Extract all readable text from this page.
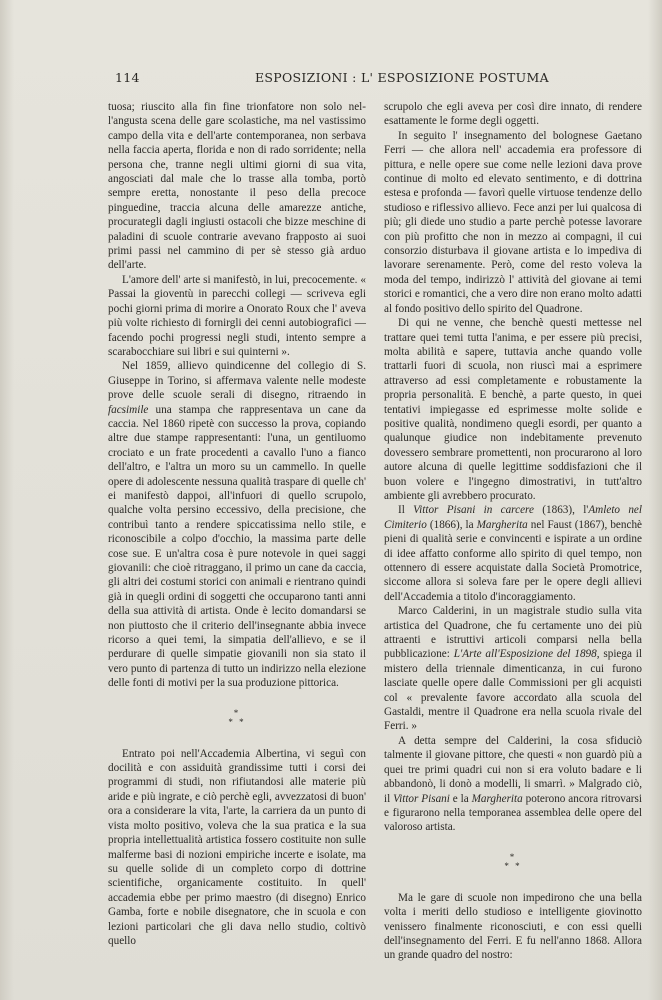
114	ESPOSIZIONI : L' ESPOSIZIONE POSTUMA

tuosa; riuscito alla fin fine trionfatore non solo nell'angusta scena delle gare scolastiche, ma nel vastissimo campo della vita e dell'arte contemporanea, non serbava nella faccia aperta, florida e non di rado sorridente; nella persona che, tranne negli ultimi giorni di sua vita, angosciati dal male che lo trasse alla tomba, portò sempre eretta, nonostante il peso della precoce pinguedine, traccia alcuna delle amarezze antiche, procurategli dagli ingiusti ostacoli che bizze meschine di paladini di scuole contrarie avevano frapposto ai suoi primi passi nel cammino di per sè stesso già arduo dell'arte.

L'amore dell' arte si manifestò, in lui, precocemente. « Passai la gioventù in parecchi collegi — scriveva egli pochi giorni prima di morire a Onorato Roux che l' aveva più volte richiesto di fornirgli dei cenni autobiografici — facendo pochi progressi negli studi, intento sempre a scarabocchiare sui libri e sui quinterni ».

Nel 1859, allievo quindicenne del collegio di S. Giuseppe in Torino, si affermava valente nelle modeste prove delle scuole serali di disegno, ritraendo in facsimile una stampa che rappresentava un cane da caccia. Nel 1860 ripetè con successo la prova, copiando altre due stampe rappresentanti: l'una, un gentiluomo crociato e un frate procedenti a cavallo l'uno a fianco dell'altro, e l'altra un moro su un cammello. In quelle opere di adolescente nessuna qualità traspare di quelle ch' ei manifestò dappoi, all'infuori di quello scrupolo, qualche volta persino eccessivo, della precisione, che contribuì tanto a rendere spiccatissima nello stile, e riconoscibile a colpo d'occhio, la massima parte delle cose sue. E un'altra cosa è pure notevole in quei saggi giovanili: che cioè ritraggano, il primo un cane da caccia, gli altri dei costumi storici con animali e rientrano quindi già in quegli ordini di soggetti che occuparono tanti anni della sua attività di artista. Onde è lecito domandarsi se non piuttosto che il criterio dell'insegnante abbia invece ricorso a quei temi, la simpatia dell'allievo, e se il perdurare di quelle simpatie giovanili non sia stato il vero punto di partenza di tutto un indirizzo nella elezione delle fonti di motivi per la sua produzione pittorica.

*
* *

Entrato poi nell'Accademia Albertina, vi seguì con docilità e con assiduità grandissime tutti i corsi dei programmi di studi, non rifiutandosi alle materie più aride e più ingrate, e ciò perchè egli, avvezzatosi di buon' ora a considerare la vita, l'arte, la carriera da un punto di vista molto positivo, voleva che la sua pratica e la sua propria intellettualità artistica fossero costituite non sulle malferme basi di nozioni empiriche incerte e isolate, ma su quelle solide di un completo corpo di dottrine scientifiche, organicamente costituito. In quell' accademia ebbe per primo maestro (di disegno) Enrico Gamba, forte e nobile disegnatore, che in scuola e con lezioni particolari che gli dava nello studio, coltivò quello

scrupolo che egli aveva per così dire innato, di rendere esattamente le forme degli oggetti.

In seguito l' insegnamento del bolognese Gaetano Ferri — che allora nell' accademia era professore di pittura, e nelle opere sue come nelle lezioni dava prove continue di molto ed elevato sentimento, e di dottrina estesa e profonda — favorì quelle virtuose tendenze dello studioso e riflessivo allievo. Fece anzi per lui qualcosa di più; gli diede uno studio a parte perchè potesse lavorare con più profitto che non in mezzo ai compagni, il cui consorzio disturbava il giovane artista e lo impediva di lavorare serenamente. Però, come del resto voleva la moda del tempo, indirizzò l' attività del giovane ai temi storici e romantici, che a vero dire non erano molto adatti al fondo positivo dello spirito del Quadrone.

Di qui ne venne, che benchè questi mettesse nel trattare quei temi tutta l'anima, e per essere più precisi, molta abilità e sapere, tuttavia anche quando volle trattarli fuori di scuola, non riuscì mai a esprimere attraverso ad essi completamente e robustamente la propria personalità. E benchè, a parte questo, in quei tentativi impiegasse ed esprimesse molte solide e positive qualità, nondimeno quegli esordi, per quanto a qualunque giudice non indebitamente prevenuto dovessero sembrare promettenti, non procurarono al loro autore alcuna di quelle legittime soddisfazioni che il buon volere e l'ingegno dimostrativi, in tutt'altro ambiente gli avrebbero procurato.

Il Vittor Pisani in carcere (1863), l'Amleto nel Cimiterio (1866), la Margherita nel Faust (1867), benchè pieni di qualità serie e convincenti e ispirate a un ordine di idee affatto conforme allo spirito di quel tempo, non ottennero di essere acquistate dalla Società Promotrice, siccome allora si soleva fare per le opere degli allievi dell'Accademia a titolo d'incoraggiamento.

Marco Calderini, in un magistrale studio sulla vita artistica del Quadrone, che fu certamente uno dei più attraenti e istruttivi articoli comparsi nella bella pubblicazione: L'Arte all'Esposizione del 1898, spiega il mistero della triennale dimenticanza, in cui furono lasciate quelle opere dalle Commissioni per gli acquisti col « prevalente favore accordato alla scuola del Gastaldi, mentre il Quadrone era nella scuola rivale del Ferri. »

A detta sempre del Calderini, la cosa sfiduciò talmente il giovane pittore, che questi « non guardò più a quei tre primi quadri cui non si era voluto badare e li abbandonò, li donò a modelli, li smarrì. » Malgrado ciò, il Vittor Pisani e la Margherita poterono ancora ritrovarsi e figurarono nella temporanea assemblea delle opere del valoroso artista.

*
* *

Ma le gare di scuole non impedirono che una bella volta i meriti dello studioso e intelligente giovinotto venissero finalmente riconosciuti, e con essi quelli dell'insegnamento del Ferri. E fu nell'anno 1868. Allora un grande quadro del nostro:
